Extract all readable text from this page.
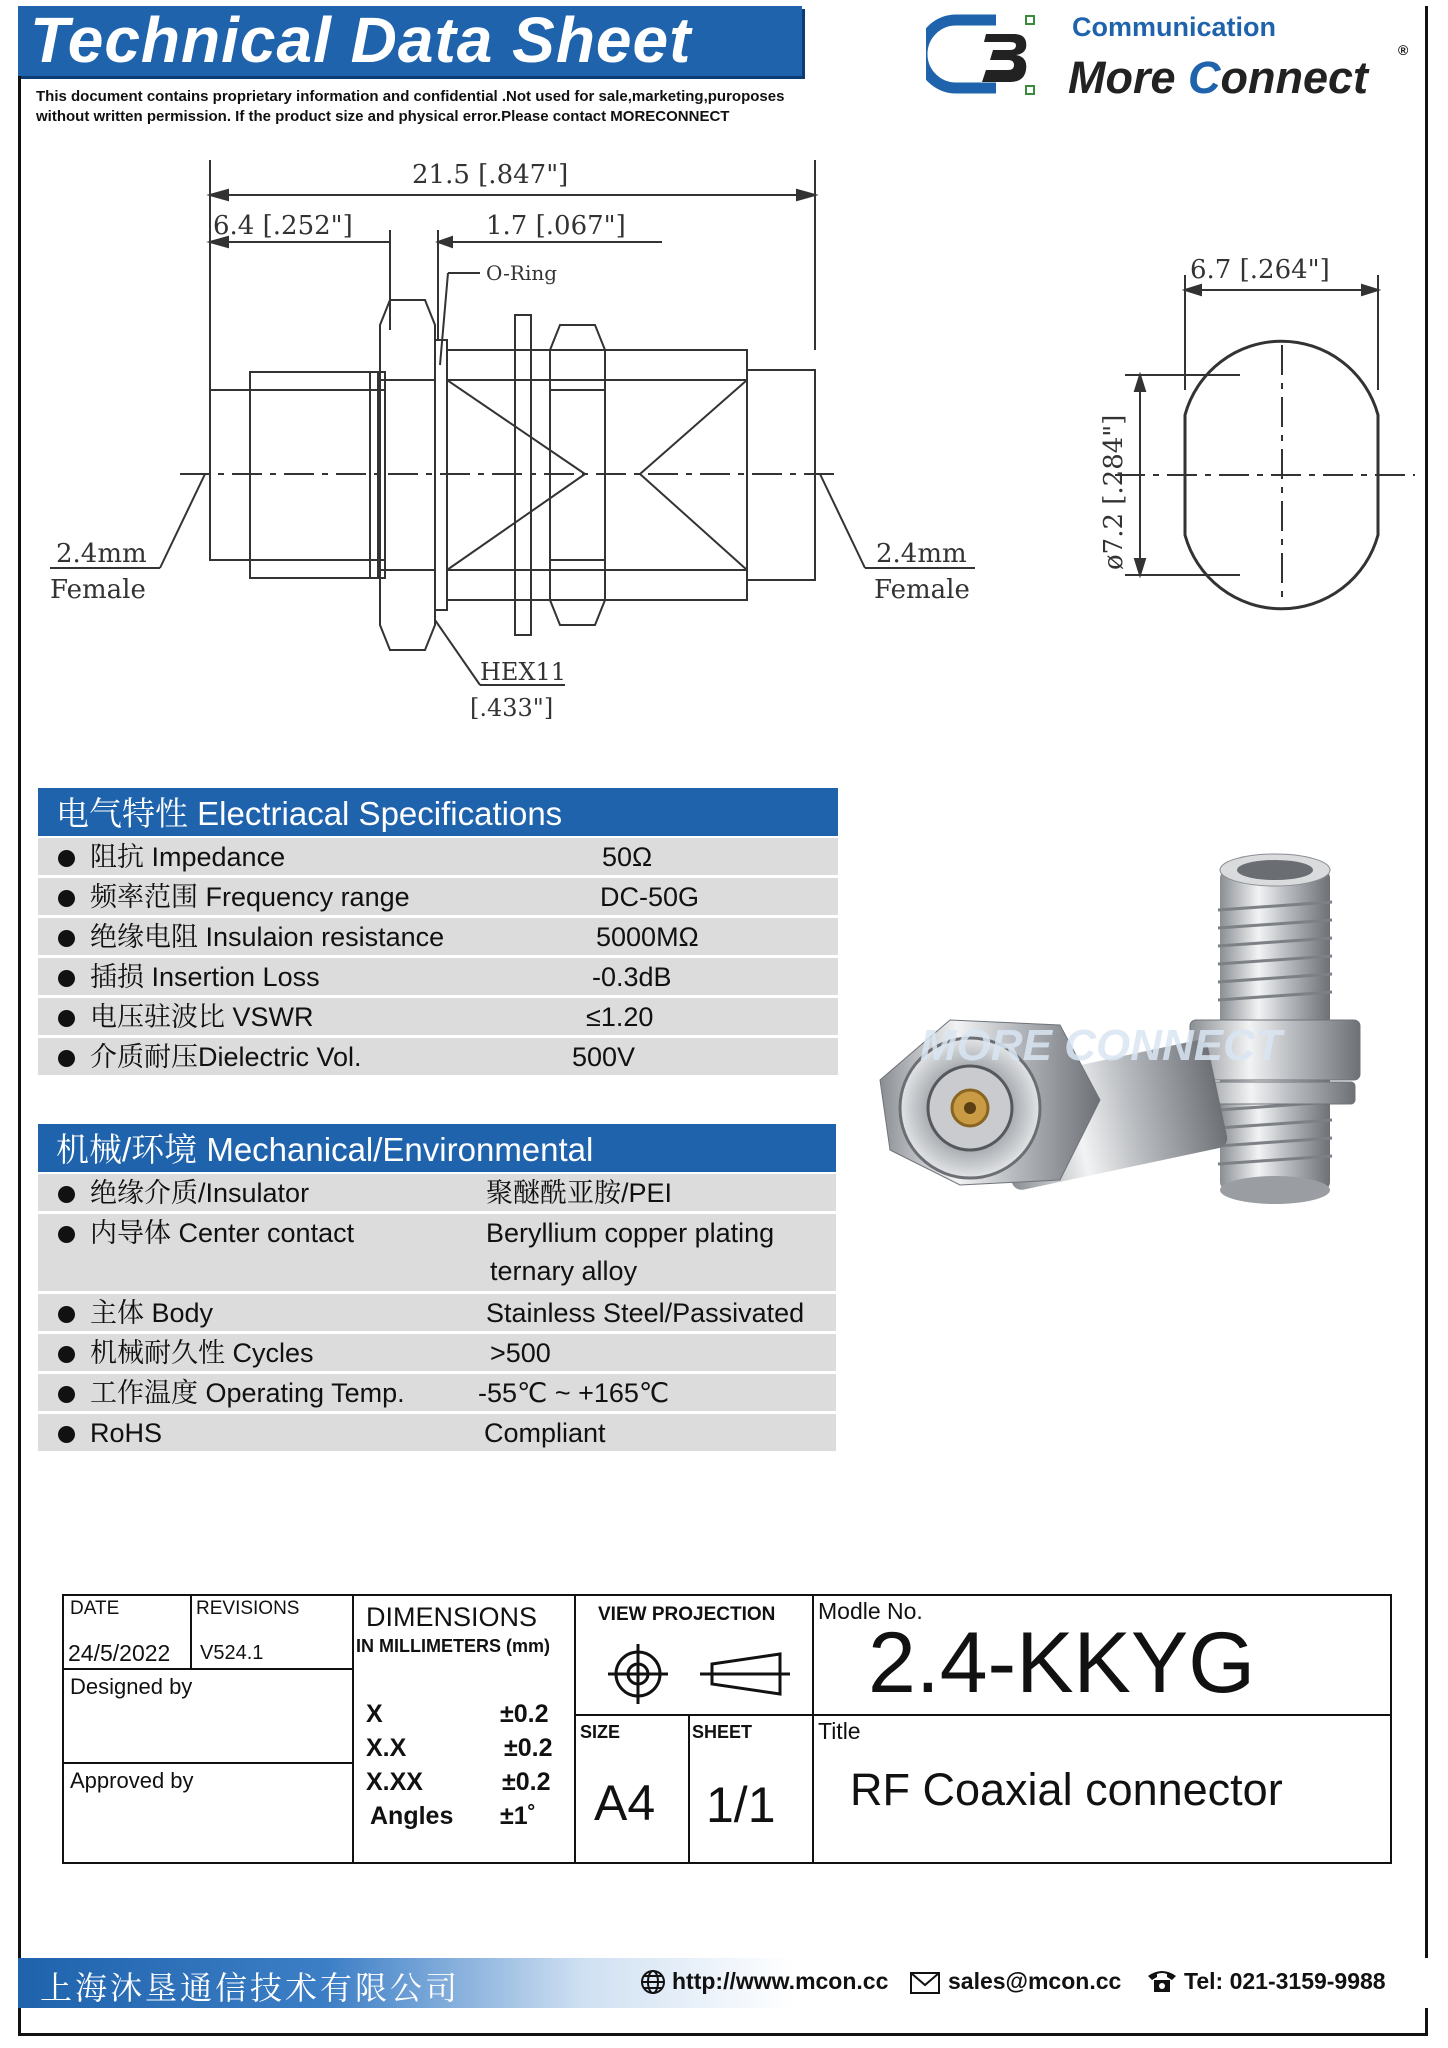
Technical Data Sheet
This document contains proprietary information and confidential .Not used for sale,marketing,puroposes
without written permission. If the product size and physical error.Please contact MORECONNECT
Communication
More Connect
®
21.5 [.847"]
6.4 [.252"]	1.7 [.067"]
O-Ring
2.4mm
Female
2.4mm
Female
HEX11
[.433"]
6.7 [.264"]
ø7.2 [.284"]
电气特性 Electriacal Specifications
阻抗 Impedance	50Ω
频率范围 Frequency range	DC-50G
绝缘电阻 Insulaion resistance	5000MΩ
插损 Insertion Loss	-0.3dB
电压驻波比 VSWR	≤1.20
介质耐压Dielectric Vol.	500V
机械/环境 Mechanical/Environmental
绝缘介质/Insulator	聚醚酰亚胺/PEI
内导体 Center contact	Beryllium copper plating
ternary alloy
主体 Body	Stainless Steel/Passivated
机械耐久性 Cycles	>500
工作温度 Operating Temp.	-55℃ ~ +165℃
RoHS	Compliant
MORE CONNECT
DATE
24/5/2022
REVISIONS
V524.1
Designed by
Approved by
DIMENSIONS
IN MILLIMETERS (mm)
X	±0.2
X.X	±0.2
X.XX	±0.2
Angles ±1˚
VIEW PROJECTION
SIZE
A4
SHEET
1/1
Modle No.
2.4-KKYG
Title
RF Coaxial connector
上海沐垦通信技术有限公司	http://www.mcon.cc	sales@mcon.cc	Tel: 021-3159-9988
